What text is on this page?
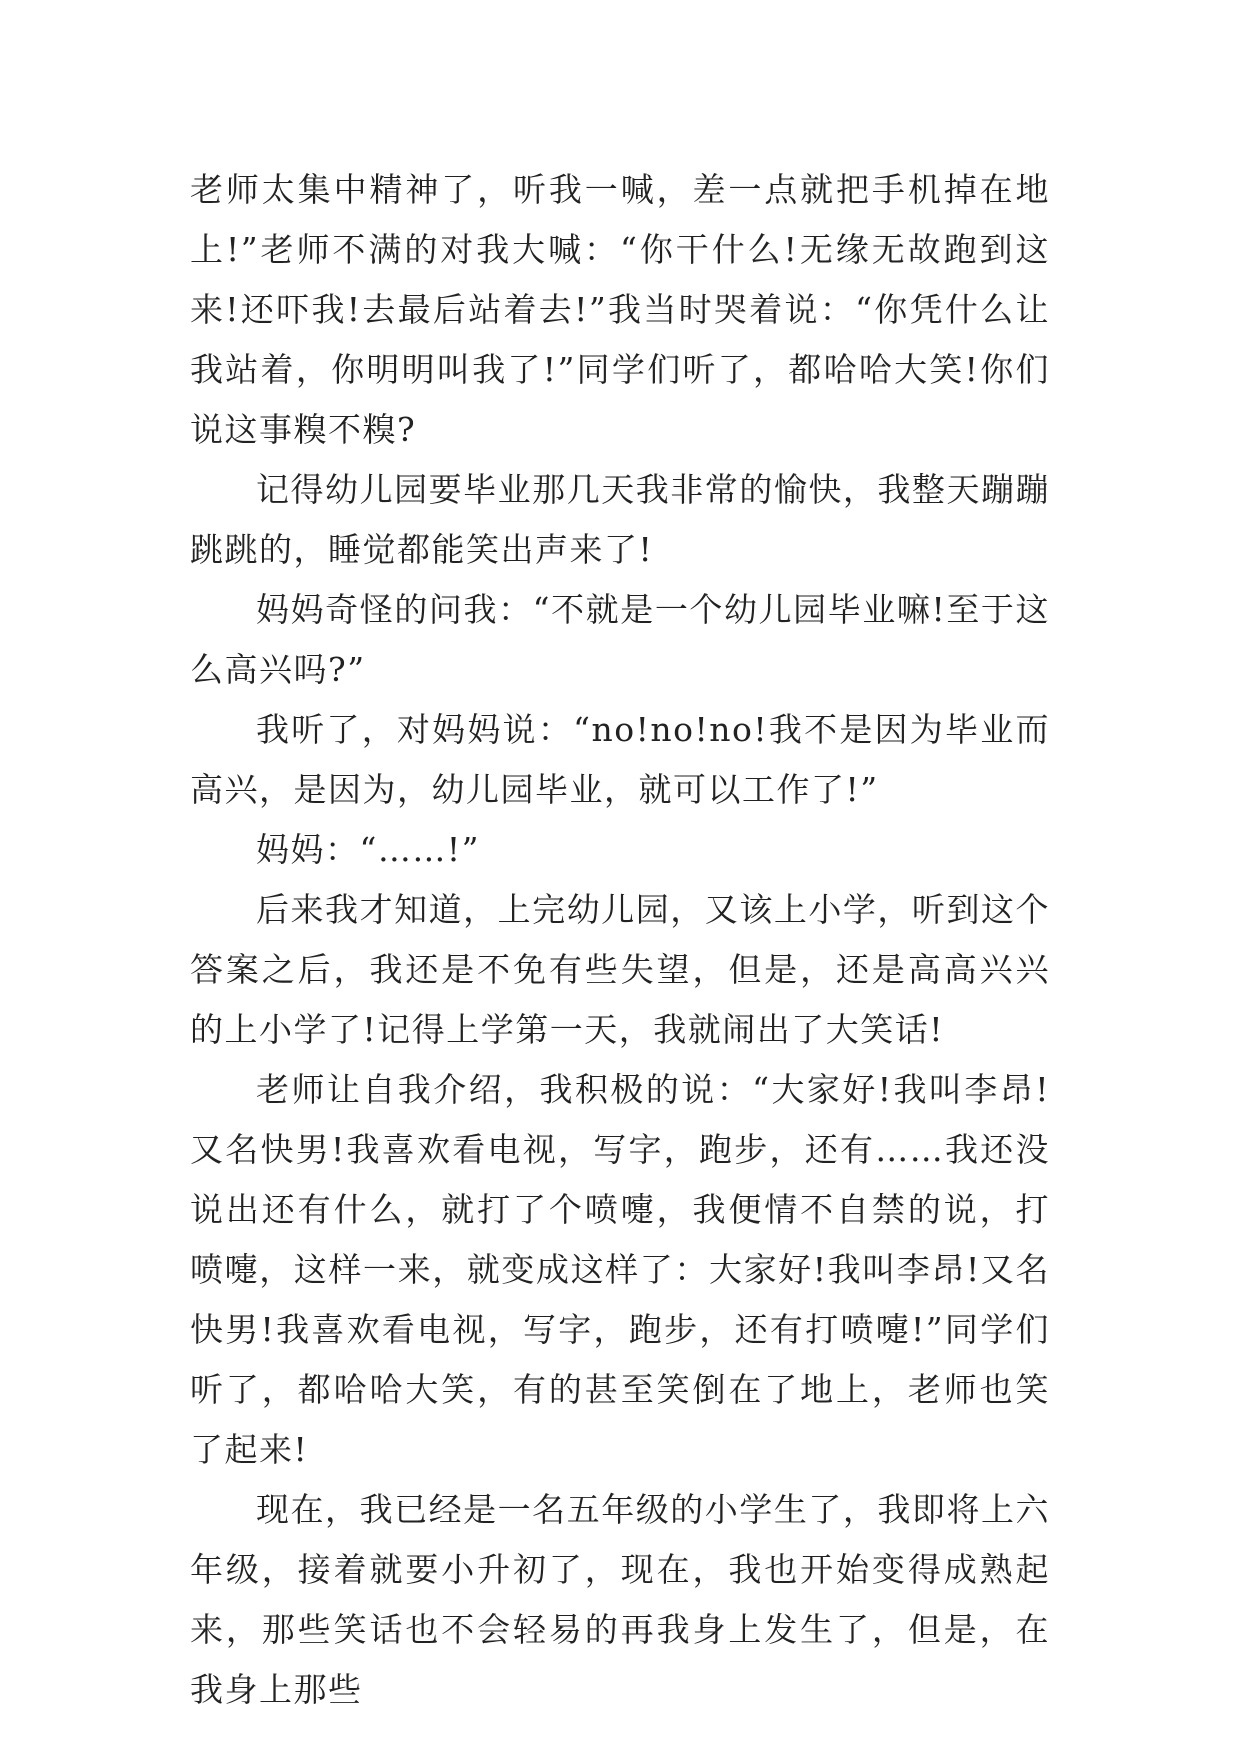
老师太集中精神了，听我一喊，差一点就把手机掉在地上!”老师不满的对我大喊：“你干什么!无缘无故跑到这来!还吓我!去最后站着去!”我当时哭着说：“你凭什么让我站着，你明明叫我了!”同学们听了，都哈哈大笑!你们说这事糗不糗?

记得幼儿园要毕业那几天我非常的愉快，我整天蹦蹦跳跳的，睡觉都能笑出声来了!

妈妈奇怪的问我：“不就是一个幼儿园毕业嘛!至于这么高兴吗?”

我听了，对妈妈说：“no!no!no!我不是因为毕业而高兴，是因为，幼儿园毕业，就可以工作了!”

妈妈：“……!”

后来我才知道，上完幼儿园，又该上小学，听到这个答案之后，我还是不免有些失望，但是，还是高高兴兴的上小学了!记得上学第一天，我就闹出了大笑话!

老师让自我介绍，我积极的说：“大家好!我叫李昂!又名快男!我喜欢看电视，写字，跑步，还有……我还没说出还有什么，就打了个喷嚏，我便情不自禁的说，打喷嚏，这样一来，就变成这样了：大家好!我叫李昂!又名快男!我喜欢看电视，写字，跑步，还有打喷嚏!”同学们听了，都哈哈大笑，有的甚至笑倒在了地上，老师也笑了起来!

现在，我已经是一名五年级的小学生了，我即将上六年级，接着就要小升初了，现在，我也开始变得成熟起来，那些笑话也不会轻易的再我身上发生了，但是，在我身上那些
